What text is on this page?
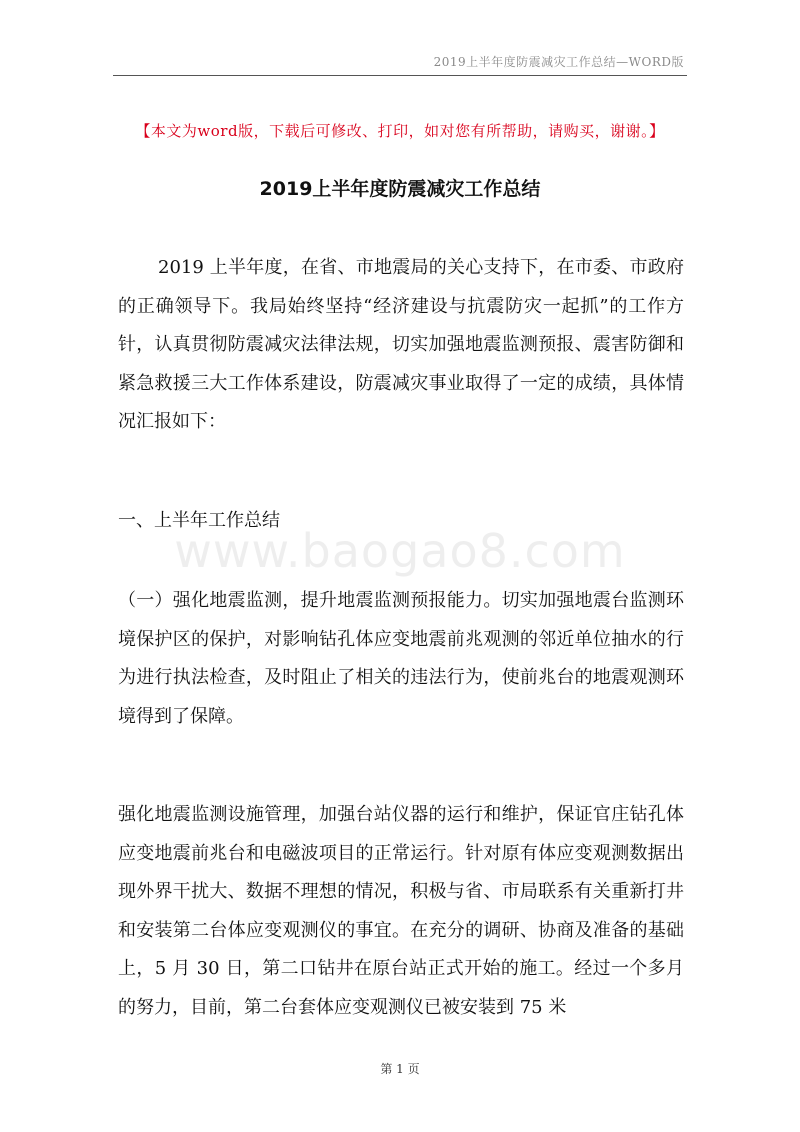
2019上半年度防震减灾工作总结—WORD版
【本文为word版，下载后可修改、打印，如对您有所帮助，请购买，谢谢。】
2019上半年度防震减灾工作总结

2019 上半年度，在省、市地震局的关心支持下，在市委、市政府的正确领导下。我局始终坚持“经济建设与抗震防灾一起抓”的工作方针，认真贯彻防震减灾法律法规，切实加强地震监测预报、震害防御和紧急救援三大工作体系建设，防震减灾事业取得了一定的成绩，具体情况汇报如下：

一、上半年工作总结

www.baogao8.com

（一）强化地震监测，提升地震监测预报能力。切实加强地震台监测环境保护区的保护，对影响钻孔体应变地震前兆观测的邻近单位抽水的行为进行执法检查，及时阻止了相关的违法行为，使前兆台的地震观测环境得到了保障。

强化地震监测设施管理，加强台站仪器的运行和维护，保证官庄钻孔体应变地震前兆台和电磁波项目的正常运行。针对原有体应变观测数据出现外界干扰大、数据不理想的情况，积极与省、市局联系有关重新打井和安装第二台体应变观测仪的事宜。在充分的调研、协商及准备的基础上，5 月 30 日，第二口钻井在原台站正式开始的施工。经过一个多月的努力，目前，第二台套体应变观测仪已被安装到 75 米

第 1 页
